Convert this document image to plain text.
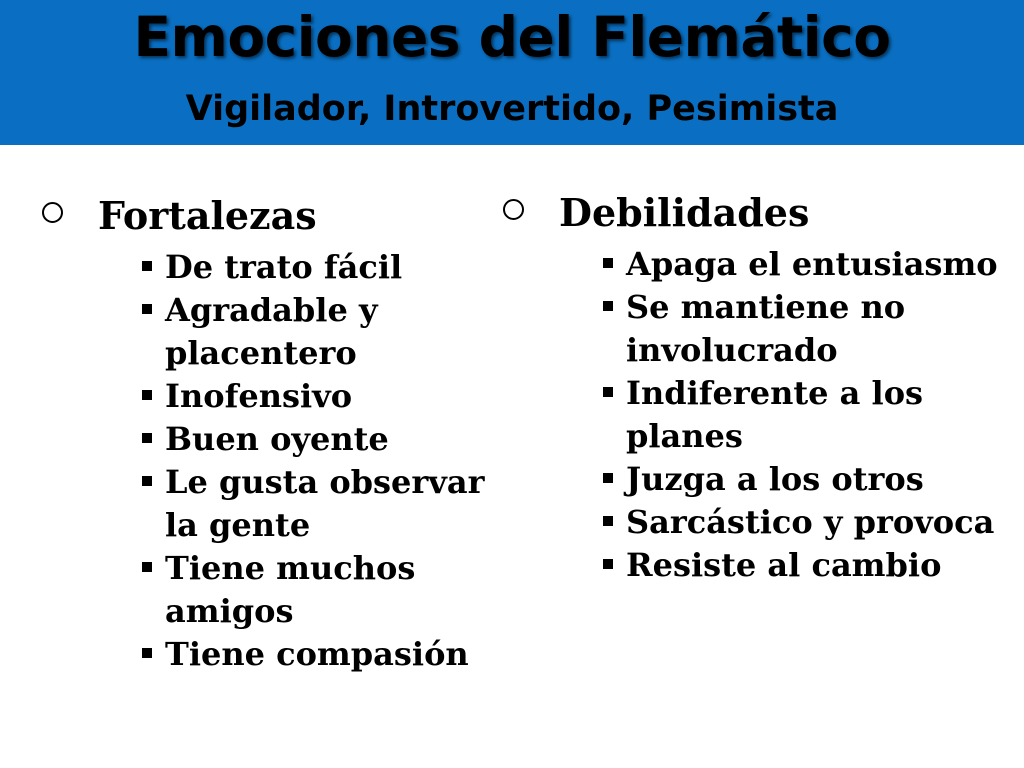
Emociones del Flemático
Vigilador, Introvertido, Pesimista
Fortalezas
De trato fácil
Agradable y placentero
Inofensivo
Buen oyente
Le gusta observar la gente
Tiene muchos amigos
Tiene compasión
Debilidades
Apaga el entusiasmo
Se mantiene no involucrado
Indiferente a los planes
Juzga a los otros
Sarcástico y provoca
Resiste al cambio
